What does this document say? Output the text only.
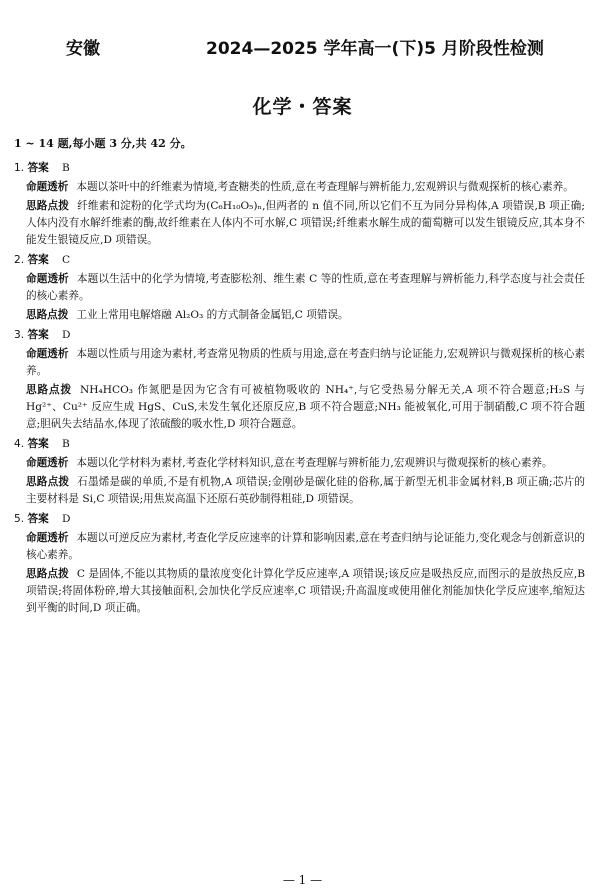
安徽	2024—2025 学年高一(下)5 月阶段性检测
化学・答案
1 ~ 14 题,每小题 3 分,共 42 分。
1. 答案 B
命题透析 本题以茶叶中的纤维素为情境,考查糖类的性质,意在考查理解与辨析能力,宏观辨识与微观探析的核心素养。
思路点拨 纤维素和淀粉的化学式均为(C₆H₁₀O₅)ₙ,但两者的 n 值不同,所以它们不互为同分异构体,A 项错误,B 项正确;人体内没有水解纤维素的酶,故纤维素在人体内不可水解,C 项错误;纤维素水解生成的葡萄糖可以发生银镜反应,其本身不能发生银镜反应,D 项错误。
2. 答案 C
命题透析 本题以生活中的化学为情境,考查膨松剂、维生素 C 等的性质,意在考查理解与辨析能力,科学态度与社会责任的核心素养。
思路点拨 工业上常用电解熔融 Al₂O₃ 的方式制备金属铝,C 项错误。
3. 答案 D
命题透析 本题以性质与用途为素材,考查常见物质的性质与用途,意在考查归纳与论证能力,宏观辨识与微观探析的核心素养。
思路点拨 NH₄HCO₃ 作氮肥是因为它含有可被植物吸收的 NH₄⁺,与它受热易分解无关,A 项不符合题意;H₂S 与 Hg²⁺、Cu²⁺ 反应生成 HgS、CuS,未发生氧化还原反应,B 项不符合题意;NH₃ 能被氧化,可用于制硝酸,C 项不符合题意;胆矾失去结晶水,体现了浓硫酸的吸水性,D 项符合题意。
4. 答案 B
命题透析 本题以化学材料为素材,考查化学材料知识,意在考查理解与辨析能力,宏观辨识与微观探析的核心素养。
思路点拨 石墨烯是碳的单质,不是有机物,A 项错误;金刚砂是碳化硅的俗称,属于新型无机非金属材料,B 项正确;芯片的主要材料是 Si,C 项错误;用焦炭高温下还原石英砂制得粗硅,D 项错误。
5. 答案 D
命题透析 本题以可逆反应为素材,考查化学反应速率的计算和影响因素,意在考查归纳与论证能力,变化观念与创新意识的核心素养。
思路点拨 C 是固体,不能以其物质的量浓度变化计算化学反应速率,A 项错误;该反应是吸热反应,而图示的是放热反应,B 项错误;将固体粉碎,增大其接触面积,会加快化学反应速率,C 项错误;升高温度或使用催化剂能加快化学反应速率,缩短达到平衡的时间,D 项正确。
— 1 —
